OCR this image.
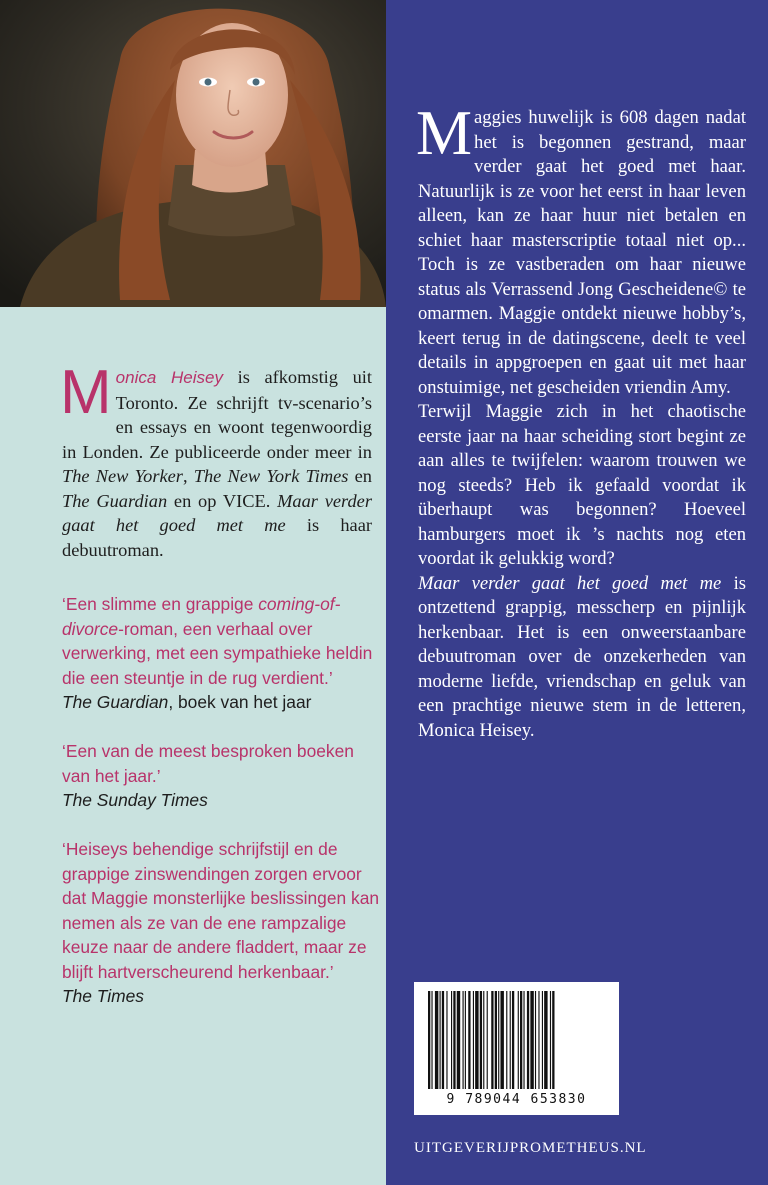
Monica Heisey is afkomstig uit Toronto. Ze schrijft tv-scenario’s en essays en woont tegenwoordig in Londen. Ze publiceerde onder meer in The New Yorker, The New York Times en The Guardian en op VICE. Maar verder gaat het goed met me is haar debuutroman.
‘Een slimme en grappige coming-of-divorce-roman, een verhaal over verwerking, met een sympathieke heldin die een steuntje in de rug verdient.’
The Guardian, boek van het jaar
‘Een van de meest besproken boeken van het jaar.’
The Sunday Times
‘Heiseys behendige schrijfstijl en de grappige zinswendingen zorgen ervoor dat Maggie monsterlijke beslissingen kan nemen als ze van de ene rampzalige keuze naar de andere fladdert, maar ze blijft hartverscheurend herkenbaar.’
The Times

Maggies huwelijk is 608 dagen nadat het is begonnen gestrand, maar verder gaat het goed met haar. Natuurlijk is ze voor het eerst in haar leven alleen, kan ze haar huur niet betalen en schiet haar masterscriptie totaal niet op... Toch is ze vastberaden om haar nieuwe status als Verrassend Jong Gescheidene© te omarmen. Maggie ontdekt nieuwe hobby’s, keert terug in de datingscene, deelt te veel details in appgroepen en gaat uit met haar onstuimige, net gescheiden vriendin Amy.

Terwijl Maggie zich in het chaotische eerste jaar na haar scheiding stort begint ze aan alles te twijfelen: waarom trouwen we nog steeds? Heb ik gefaald voordat ik überhaupt was begonnen? Hoeveel hamburgers moet ik ’s nachts nog eten voordat ik gelukkig word?

Maar verder gaat het goed met me is ontzettend grappig, messcherp en pijnlijk herkenbaar. Het is een onweerstaanbare debuutroman over de onzekerheden van moderne liefde, vriendschap en geluk van een prachtige nieuwe stem in de letteren, Monica Heisey.

9 789044 653830
UITGEVERIJPROMETHEUS.NL
